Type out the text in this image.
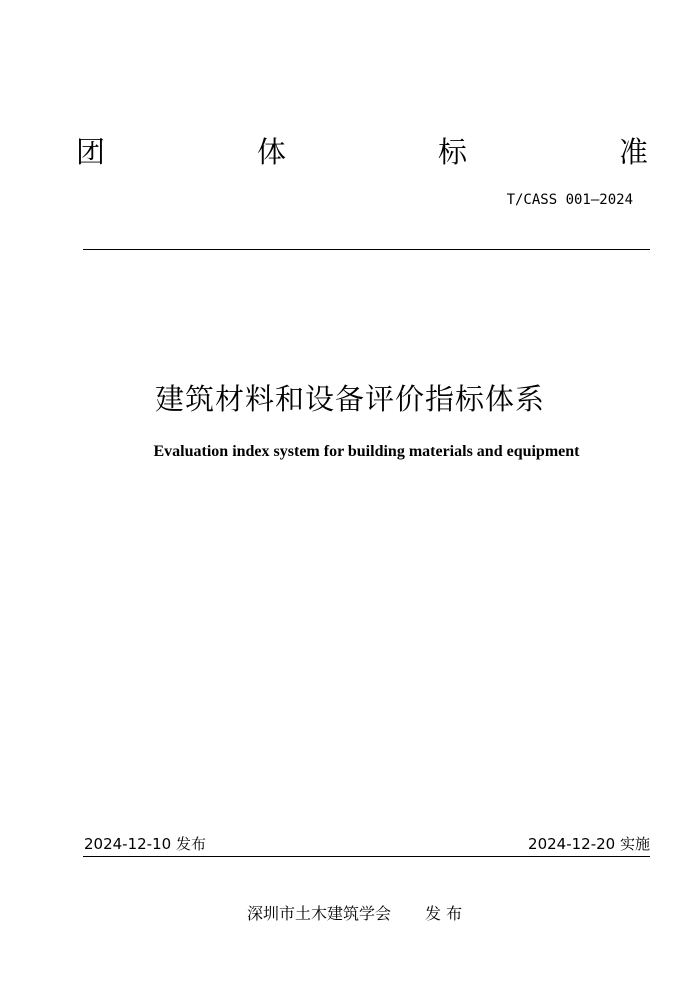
团	体	标	准
T/CASS 001—2024
建筑材料和设备评价指标体系
Evaluation index system for building materials and equipment
2024-12-10 发布	2024-12-20 实施
深圳市土木建筑学会 发 布
